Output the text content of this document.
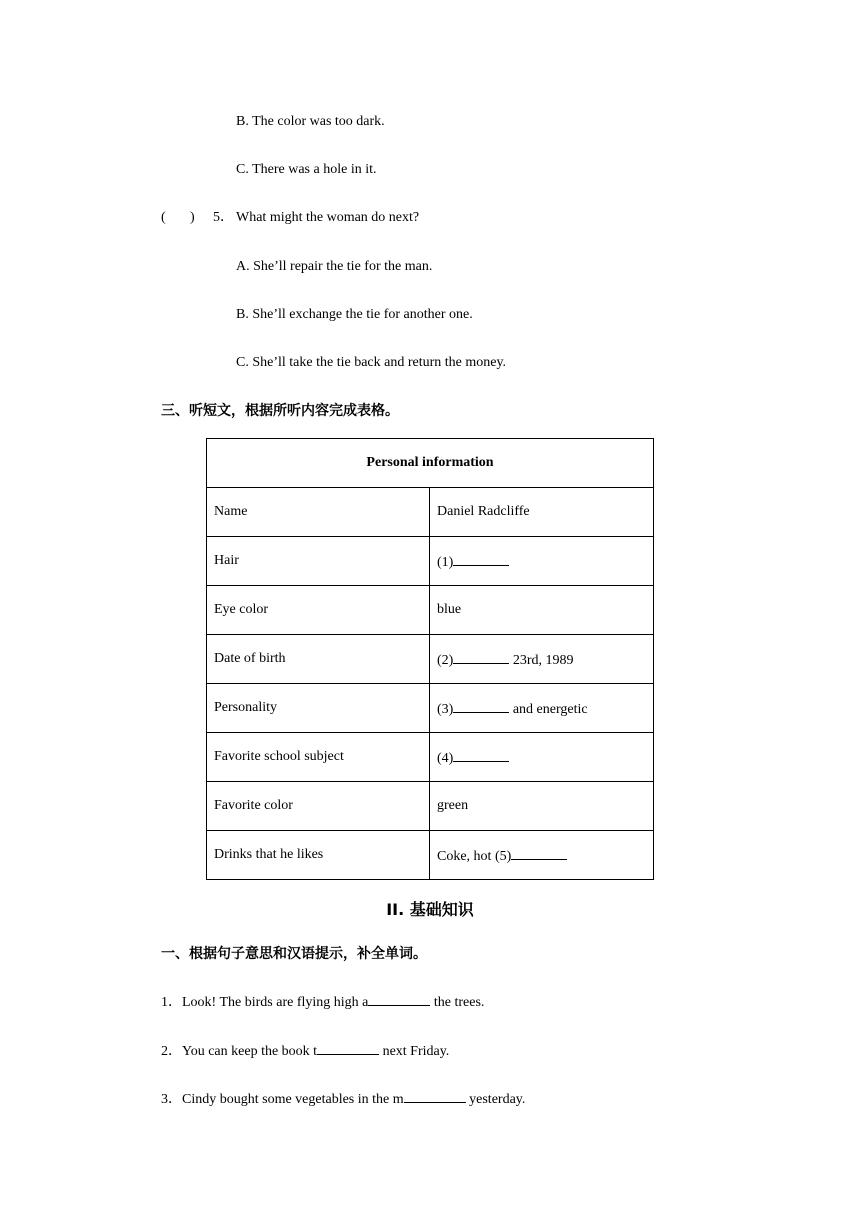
B. The color was too dark.
C. There was a hole in it.
( ) 5． What might the woman do next?
A. She’ll repair the tie for the man.
B. She’ll exchange the tie for another one.
C. She’ll take the tie back and return the money.
三、听短文，根据所听内容完成表格。
Personal information	
Name	Daniel Radcliffe
Hair	(1)
Eye color	blue
Date of birth	(2) 23rd, 1989
Personality	(3) and energetic
Favorite school subject	(4)
Favorite color	green
Drinks that he likes	Coke, hot (5)
II. 基础知识
一、根据句子意思和汉语提示，补全单词。
1．Look! The birds are flying high a	the trees.
2．You can keep the book t	next Friday.
3．Cindy bought some vegetables in the m	yesterday.
